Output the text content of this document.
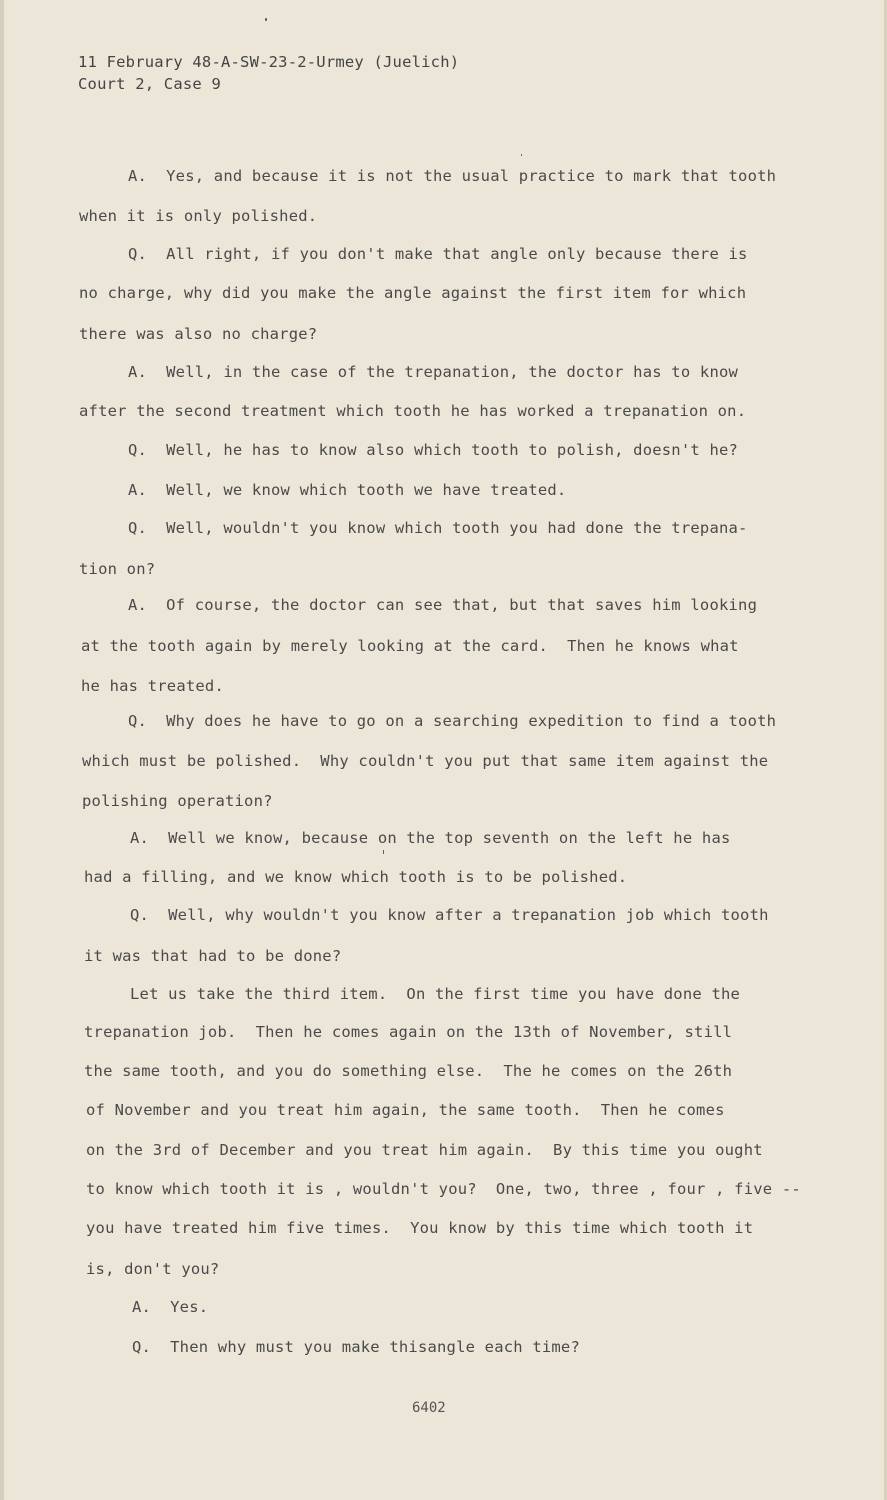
11 February 48-A-SW-23-2-Urmey (Juelich)
Court 2, Case 9
A.  Yes, and because it is not the usual practice to mark that tooth
when it is only polished.
Q.  All right, if you don't make that angle only because there is
no charge, why did you make the angle against the first item for which
there was also no charge?
A.  Well, in the case of the trepanation, the doctor has to know
after the second treatment which tooth he has worked a trepanation on.
Q.  Well, he has to know also which tooth to polish, doesn't he?
A.  Well, we know which tooth we have treated.
Q.  Well, wouldn't you know which tooth you had done the trepana-
tion on?
A.  Of course, the doctor can see that, but that saves him looking
at the tooth again by merely looking at the card.  Then he knows what
he has treated.
Q.  Why does he have to go on a searching expedition to find a tooth
which must be polished.  Why couldn't you put that same item against the
polishing operation?
A.  Well we know, because on the top seventh on the left he has
had a filling, and we know which tooth is to be polished.
Q.  Well, why wouldn't you know after a trepanation job which tooth
it was that had to be done?
Let us take the third item.  On the first time you have done the
trepanation job.  Then he comes again on the 13th of November, still
the same tooth, and you do something else.  The he comes on the 26th
of November and you treat him again, the same tooth.  Then he comes
on the 3rd of December and you treat him again.  By this time you ought
to know which tooth it is , wouldn't you?  One, two, three , four , five --
you have treated him five times.  You know by this time which tooth it
is, don't you?
A.  Yes.
Q.  Then why must you make thisangle each time?
6402
